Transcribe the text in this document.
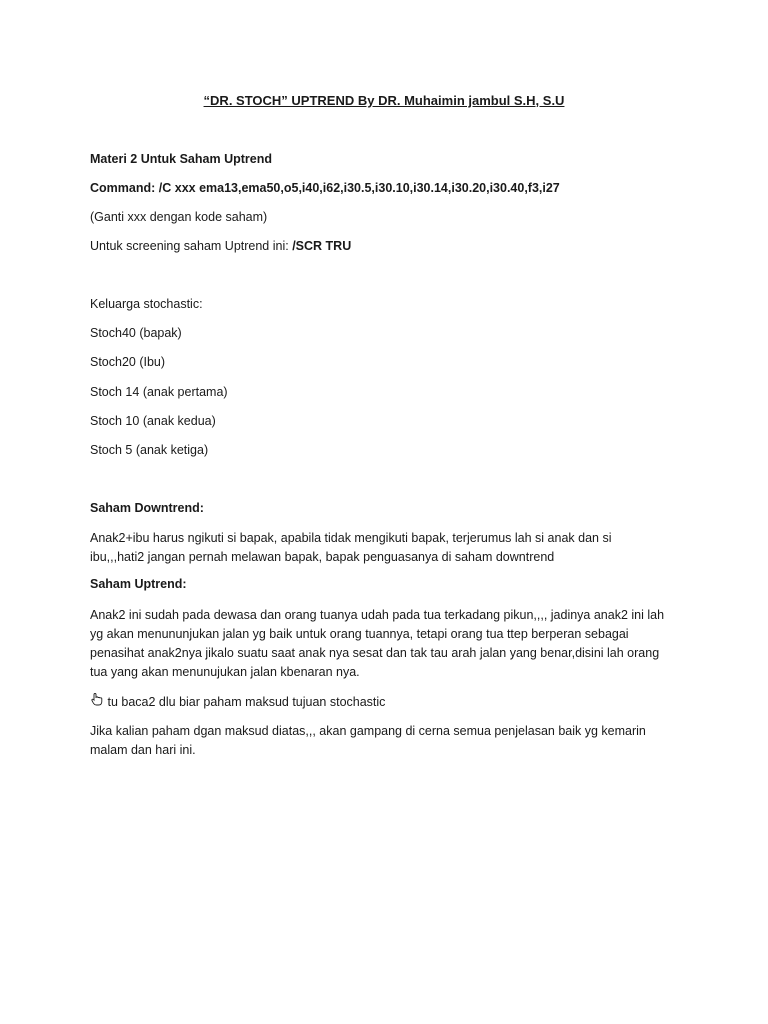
“DR. STOCH” UPTREND By DR. Muhaimin jambul S.H, S.U
Materi 2 Untuk Saham Uptrend
Command: /C xxx ema13,ema50,o5,i40,i62,i30.5,i30.10,i30.14,i30.20,i30.40,f3,i27
(Ganti xxx dengan kode saham)
Untuk screening saham Uptrend ini: /SCR TRU
Keluarga stochastic:
Stoch40 (bapak)
Stoch20 (Ibu)
Stoch 14 (anak pertama)
Stoch 10 (anak kedua)
Stoch 5 (anak ketiga)
Saham Downtrend:
Anak2+ibu harus ngikuti si bapak, apabila tidak mengikuti bapak, terjerumus lah si anak dan si
ibu,,,hati2 jangan pernah melawan bapak, bapak penguasanya di saham downtrend
Saham Uptrend:
Anak2 ini sudah pada dewasa dan orang tuanya udah pada tua terkadang pikun,,,, jadinya anak2 ini lah
yg akan menununjukan jalan yg baik untuk orang tuannya, tetapi orang tua ttep berperan sebagai
penasihat anak2nya jikalo suatu saat anak nya sesat dan tak tau arah jalan yang benar,disini lah orang
tua yang akan menunujukan jalan kbenaran nya.
tu baca2 dlu biar paham maksud tujuan stochastic
Jika kalian paham dgan maksud diatas,,, akan gampang di cerna semua penjelasan baik yg kemarin
malam dan hari ini.
